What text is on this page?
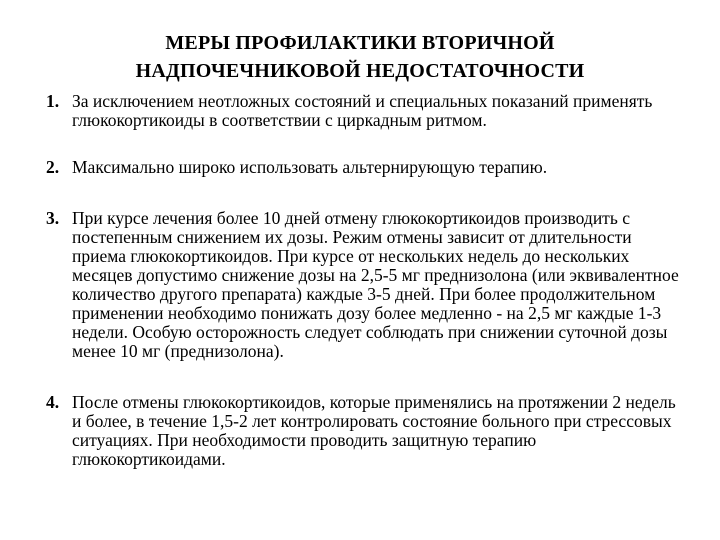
МЕРЫ ПРОФИЛАКТИКИ ВТОРИЧНОЙ
НАДПОЧЕЧНИКОВОЙ НЕДОСТАТОЧНОСТИ
1. За исключением неотложных состояний и специальных показаний применять глюкокортикоиды в соответствии с циркадным ритмом.
2. Максимально широко использовать альтернирующую терапию.
3. При курсе лечения более 10 дней отмену глюкокортикоидов производить с постепенным снижением их дозы. Режим отмены зависит от длительности приема глюкокортикоидов. При курсе от нескольких недель до нескольких месяцев допустимо снижение дозы на 2,5-5 мг преднизолона (или эквивалентное количество другого препарата) каждые 3-5 дней. При более продолжительном применении необходимо понижать дозу более медленно - на 2,5 мг каждые 1-3 недели. Особую осторожность следует соблюдать при снижении суточной дозы менее 10 мг (преднизолона).
4. После отмены глюкокортикоидов, которые применялись на протяжении 2 недель и более, в течение 1,5-2 лет контролировать состояние больного при стрессовых ситуациях. При необходимости проводить защитную терапию глюкокортикоидами.
